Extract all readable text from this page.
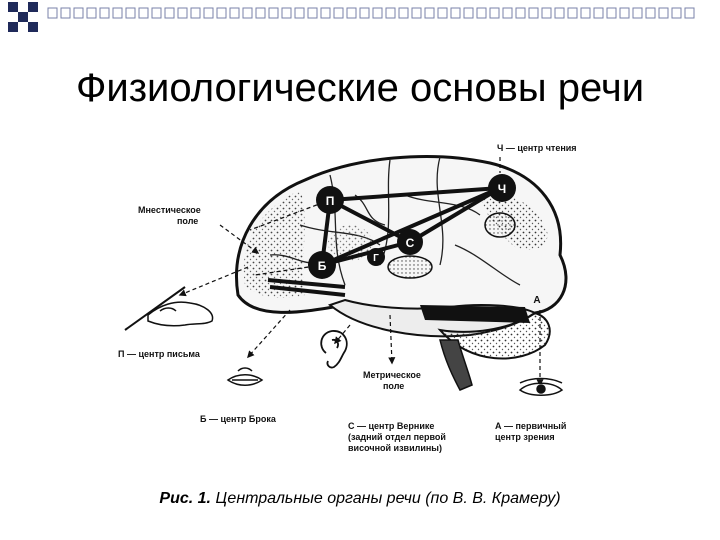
Физиологические основы речи
П
Ч
С
Б
Г
А
Ч — центр чтения
Мнестическое
поле
П — центр письма
Б — центр Брока
Метрическое
поле
С — центр Вернике
(задний отдел первой
височной извилины)
А — первичный
центр зрения
Рис. 1. Центральные органы речи (по В. В. Крамеру)
